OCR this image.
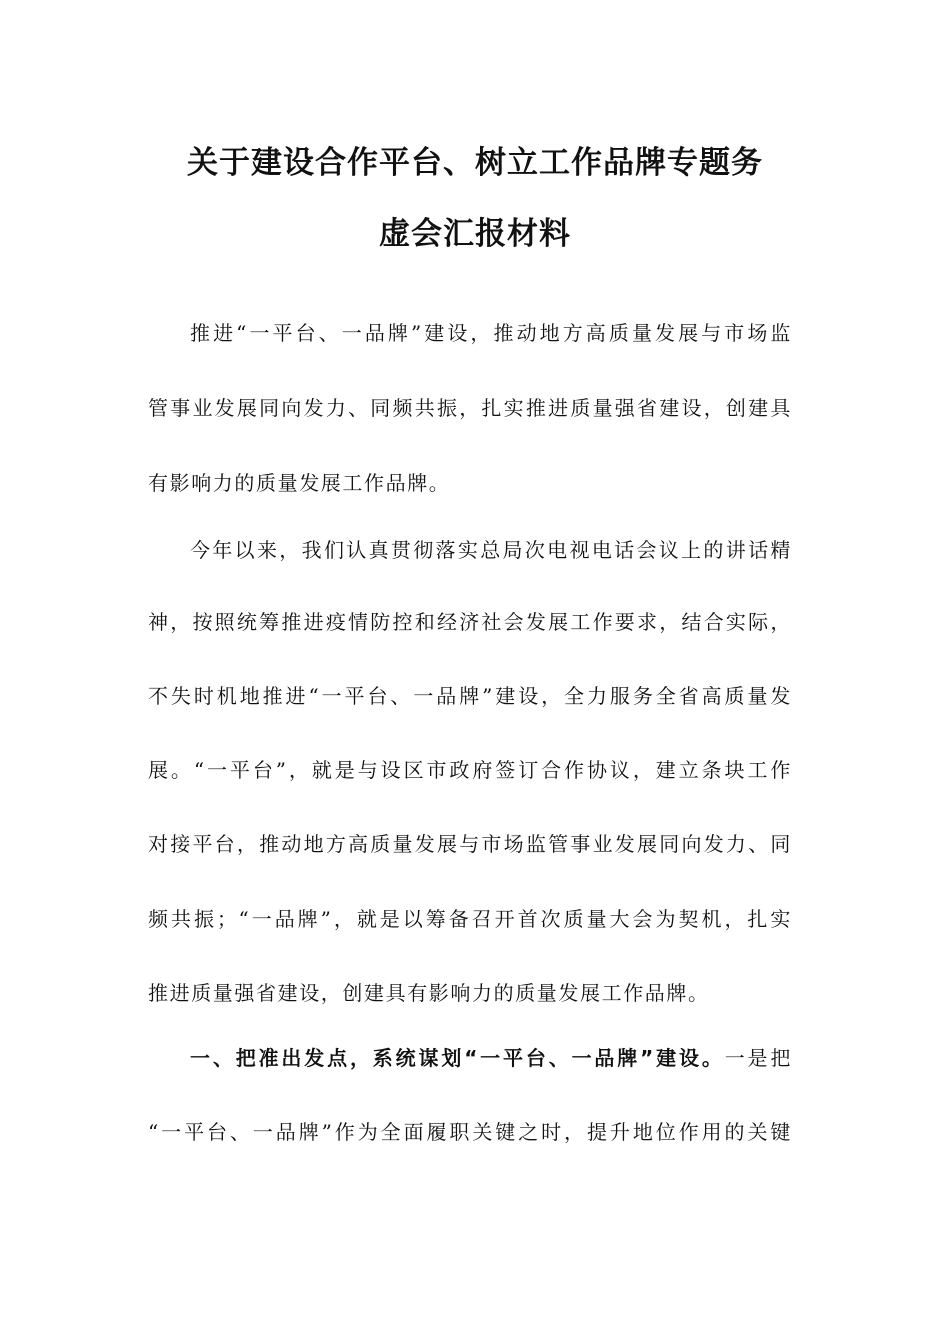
关于建设合作平台、树立工作品牌专题务
虚会汇报材料
推进“一平台、一品牌”建设，推动地方高质量发展与市场监
管事业发展同向发力、同频共振，扎实推进质量强省建设，创建具
有影响力的质量发展工作品牌。
今年以来，我们认真贯彻落实总局次电视电话会议上的讲话精
神，按照统筹推进疫情防控和经济社会发展工作要求，结合实际，
不失时机地推进“一平台、一品牌”建设，全力服务全省高质量发
展。“一平台”，就是与设区市政府签订合作协议，建立条块工作
对接平台，推动地方高质量发展与市场监管事业发展同向发力、同
频共振；“一品牌”，就是以筹备召开首次质量大会为契机，扎实
推进质量强省建设，创建具有影响力的质量发展工作品牌。
一、把准出发点，系统谋划“一平台、一品牌”建设。一是把
“一平台、一品牌”作为全面履职关键之时，提升地位作用的关键
